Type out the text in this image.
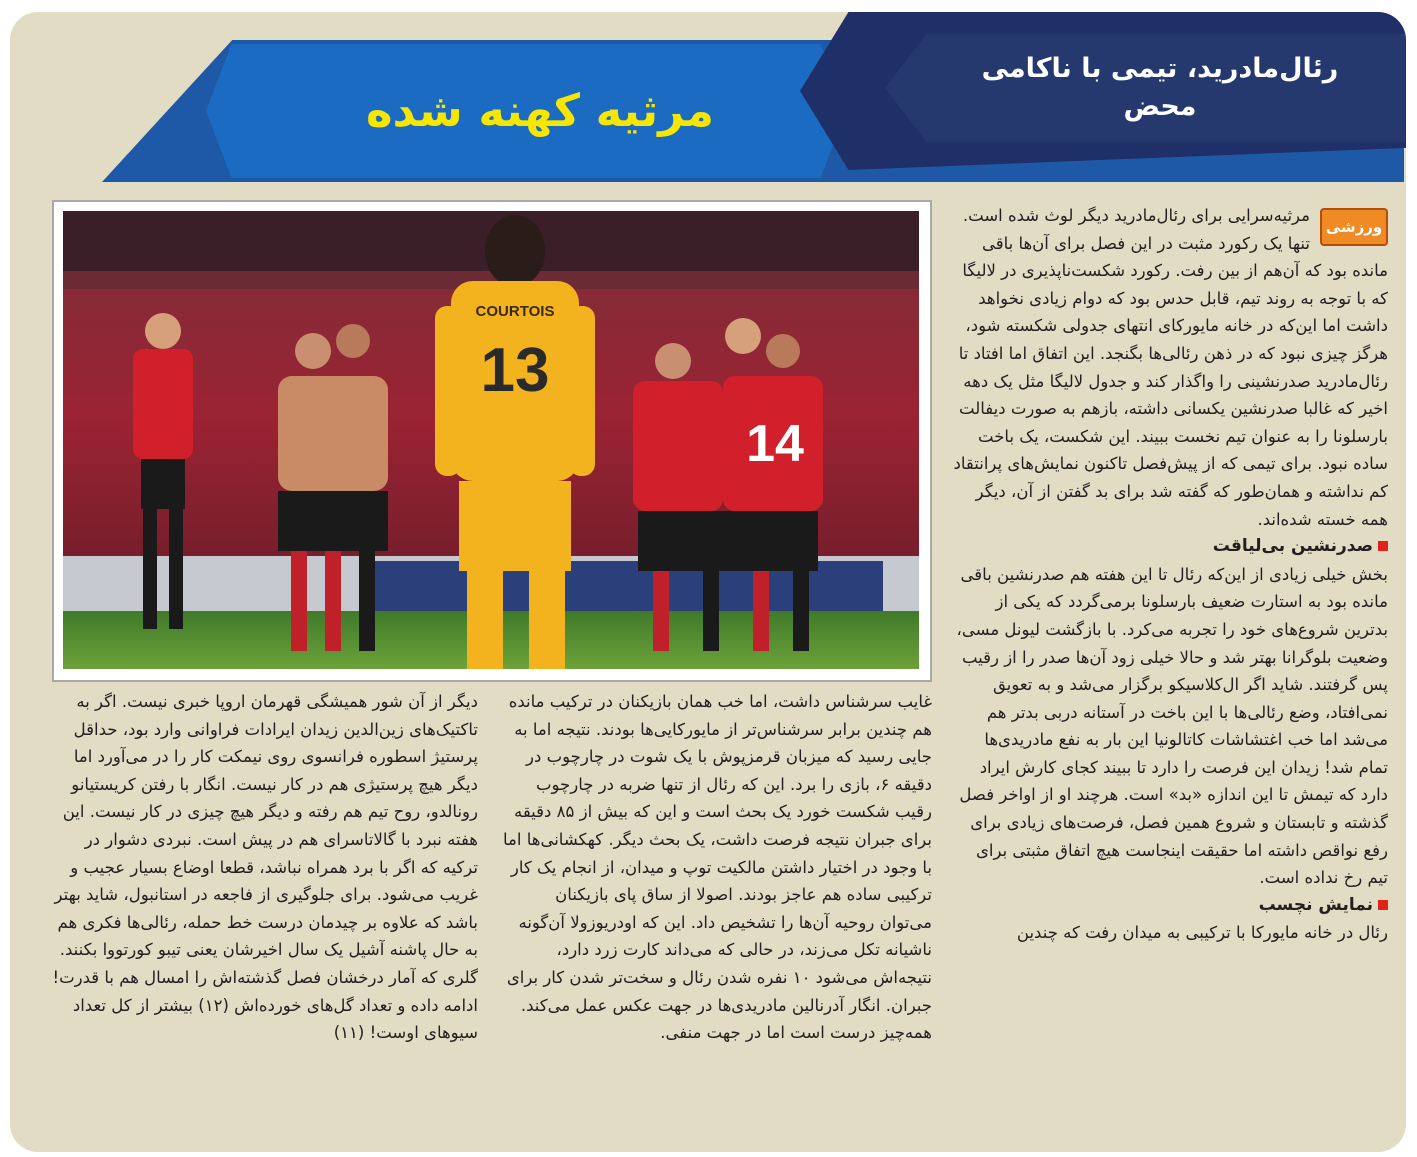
رئال‌مادرید، تیمی با ناکامی محض
مرثیه کهنه شده
COURTOIS
13
14
ورزشی

مرثیه‌سرایی برای رئال‌مادرید دیگر لوث شده است. تنها یک رکورد مثبت در این فصل برای آن‌ها باقی مانده بود که آن‌هم از بین رفت. رکورد شکست‌ناپذیری در لالیگا که با توجه به روند تیم، قابل حدس بود که دوام زیادی نخواهد داشت اما این‌که در خانه مایورکای انتهای جدولی شکسته شود، هرگز چیزی نبود که در ذهن رئالی‌ها بگنجد. این اتفاق اما افتاد تا رئال‌مادرید صدرنشینی را واگذار کند و جدول لالیگا مثل یک دهه اخیر که غالبا صدرنشین یکسانی داشته، بازهم به صورت دیفالت بارسلونا را به عنوان تیم نخست ببیند. این شکست، یک باخت ساده نبود. برای تیمی که از پیش‌فصل تاکنون نمایش‌های پرانتقاد کم نداشته و همان‌طور که گفته شد برای بد گفتن از آن، دیگر همه خسته شده‌اند.

صدرنشین بی‌لیاقت

بخش خیلی زیادی از این‌که رئال تا این هفته هم صدرنشین باقی مانده بود به استارت ضعیف بارسلونا برمی‌گردد که یکی از بدترین شروع‌های خود را تجربه می‌کرد. با بازگشت لیونل مسی، وضعیت بلوگرانا بهتر شد و حالا خیلی زود آن‌ها صدر را از رقیب پس گرفتند. شاید اگر ال‌کلاسیکو برگزار می‌شد و به تعویق نمی‌افتاد، وضع رئالی‌ها با این باخت در آستانه دربی بدتر هم می‌شد اما خب اغتشاشات کاتالونیا این بار به نفع مادریدی‌ها تمام شد! زیدان این فرصت را دارد تا ببیند کجای کارش ایراد دارد که تیمش تا این اندازه «بد» است. هرچند او از اواخر فصل گذشته و تابستان و شروع همین فصل، فرصت‌های زیادی برای رفع نواقص داشته اما حقیقت اینجاست هیچ اتفاق مثبتی برای تیم رخ نداده است.

نمایش نچسب

رئال در خانه مایورکا با ترکیبی به میدان رفت که چندین

غایب سرشناس داشت، اما خب همان بازیکنان در ترکیب مانده هم چندین برابر سرشناس‌تر از مایورکایی‌ها بودند. نتیجه اما به جایی رسید که میزبان قرمزپوش با یک شوت در چارچوب در دقیقه ۶، بازی را برد. این که رئال از تنها ضربه در چارچوب رقیب شکست خورد یک بحث است و این که بیش از ۸۵ دقیقه برای جبران نتیجه فرصت داشت، یک بحث دیگر. کهکشانی‌ها اما با وجود در اختیار داشتن مالکیت توپ و میدان، از انجام یک کار ترکیبی ساده هم عاجز بودند. اصولا از ساق پای بازیکنان می‌توان روحیه آن‌ها را تشخیص داد. این که اودریوزولا آن‌گونه ناشیانه تکل می‌زند، در حالی که می‌داند کارت زرد دارد، نتیجه‌اش می‌شود ۱۰ نفره شدن رئال و سخت‌تر شدن کار برای جبران. انگار آدرنالین مادریدی‌ها در جهت عکس عمل می‌کند. همه‌چیز درست است اما در جهت منفی.

دیگر از آن شور همیشگی قهرمان اروپا خبری نیست. اگر به تاکتیک‌های زین‌الدین زیدان ایرادات فراوانی وارد بود، حداقل پرستیژ اسطوره فرانسوی روی نیمکت کار را در می‌آورد اما دیگر هیچ پرستیژی هم در کار نیست. انگار با رفتن کریستیانو رونالدو، روح تیم هم رفته و دیگر هیچ چیزی در کار نیست. این هفته نبرد با گالاتاسرای هم در پیش است. نبردی دشوار در ترکیه که اگر با برد همراه نباشد، قطعا اوضاع بسیار عجیب و غریب می‌شود. برای جلوگیری از فاجعه در استانبول، شاید بهتر باشد که علاوه بر چیدمان درست خط حمله، رئالی‌ها فکری هم به حال پاشنه آشیل یک سال اخیرشان یعنی تیبو کورتووا بکنند. گلری که آمار درخشان فصل گذشته‌اش را امسال هم با قدرت! ادامه داده و تعداد گل‌های خورده‌اش (۱۲) بیشتر از کل تعداد سیوهای اوست! (۱۱)
